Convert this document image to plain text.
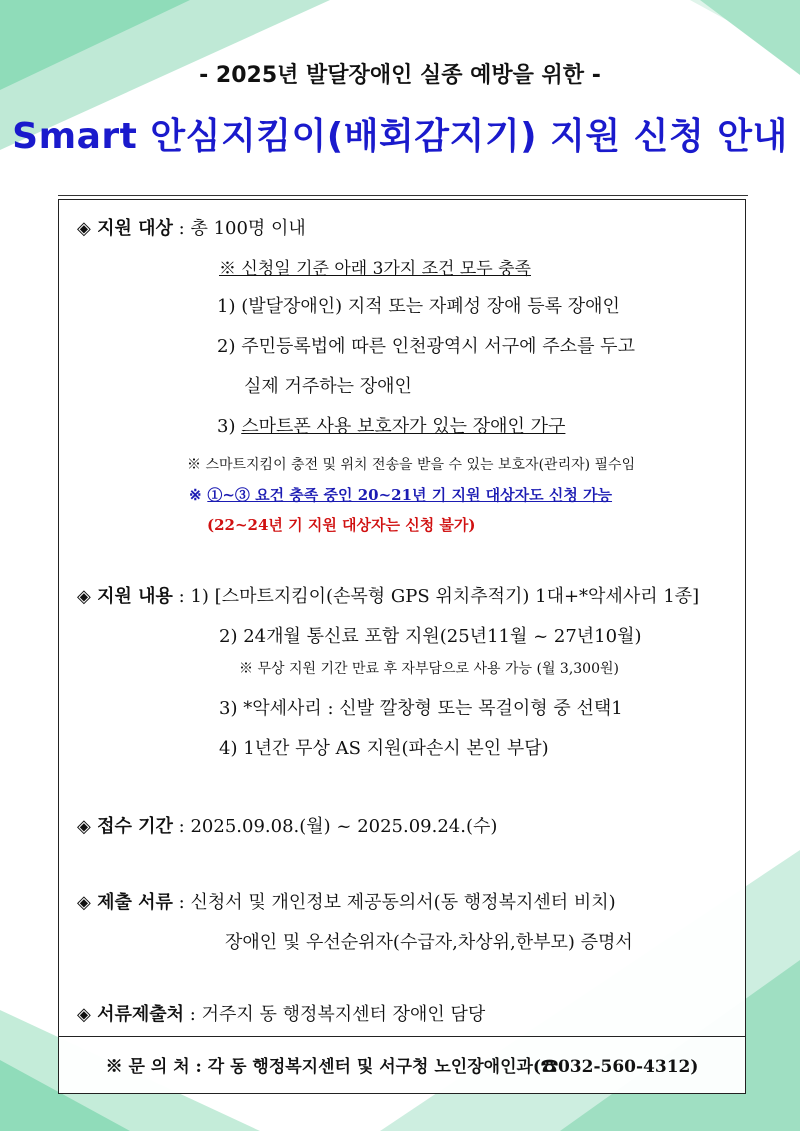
- 2025년 발달장애인 실종 예방을 위한 -
Smart 안심지킴이(배회감지기) 지원 신청 안내
◈ 지원 대상 : 총 100명 이내
※ 신청일 기준 아래 3가지 조건 모두 충족
1) (발달장애인) 지적 또는 자폐성 장애 등록 장애인
2) 주민등록법에 따른 인천광역시 서구에 주소를 두고
실제 거주하는 장애인
3) 스마트폰 사용 보호자가 있는 장애인 가구
※ 스마트지킴이 충전 및 위치 전송을 받을 수 있는 보호자(관리자) 필수임
※ ①~③ 요건 충족 중인 20~21년 기 지원 대상자도 신청 가능
(22~24년 기 지원 대상자는 신청 불가)
◈ 지원 내용 : 1) [스마트지킴이(손목형 GPS 위치추적기) 1대+*악세사리 1종]
2) 24개월 통신료 포함 지원(25년11월 ~ 27년10월)
※ 무상 지원 기간 만료 후 자부담으로 사용 가능 (월 3,300원)
3) *악세사리 : 신발 깔창형 또는 목걸이형 중 선택1
4) 1년간 무상 AS 지원(파손시 본인 부담)
◈ 접수 기간 : 2025.09.08.(월) ~ 2025.09.24.(수)
◈ 제출 서류 : 신청서 및 개인정보 제공동의서(동 행정복지센터 비치)
장애인 및 우선순위자(수급자,차상위,한부모) 증명서
◈ 서류제출처 : 거주지 동 행정복지센터 장애인 담당
※ 문 의 처 : 각 동 행정복지센터 및 서구청 노인장애인과(☎032-560-4312)
